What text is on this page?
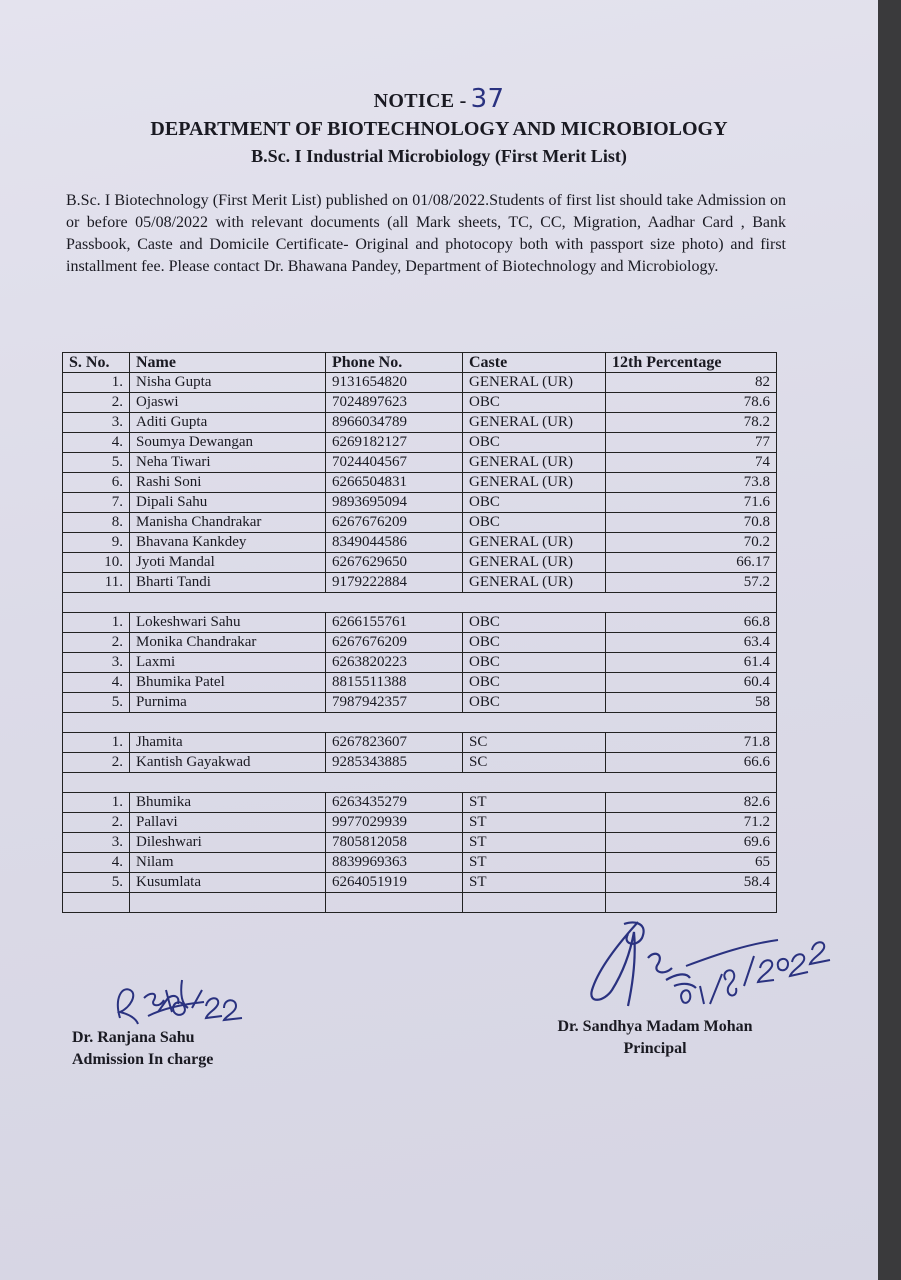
NOTICE - 37
DEPARTMENT OF BIOTECHNOLOGY AND MICROBIOLOGY
B.Sc. I Industrial Microbiology (First Merit List)
B.Sc. I Biotechnology (First Merit List) published on 01/08/2022.Students of first list should take Admission on or before 05/08/2022 with relevant documents (all Mark sheets, TC, CC, Migration, Aadhar Card , Bank Passbook, Caste and Domicile Certificate- Original and photocopy both with passport size photo) and first installment fee. Please contact Dr. Bhawana Pandey, Department of Biotechnology and Microbiology.
S. No.	Name	Phone No.	Caste	12th Percentage
1.	Nisha Gupta	9131654820	GENERAL (UR)	82
2.	Ojaswi	7024897623	OBC	78.6
3.	Aditi Gupta	8966034789	GENERAL (UR)	78.2
4.	Soumya Dewangan	6269182127	OBC	77
5.	Neha Tiwari	7024404567	GENERAL (UR)	74
6.	Rashi Soni	6266504831	GENERAL (UR)	73.8
7.	Dipali Sahu	9893695094	OBC	71.6
8.	Manisha Chandrakar	6267676209	OBC	70.8
9.	Bhavana Kankdey	8349044586	GENERAL (UR)	70.2
10.	Jyoti Mandal	6267629650	GENERAL (UR)	66.17
11.	Bharti Tandi	9179222884	GENERAL (UR)	57.2

1.	Lokeshwari Sahu	6266155761	OBC	66.8
2.	Monika Chandrakar	6267676209	OBC	63.4
3.	Laxmi	6263820223	OBC	61.4
4.	Bhumika Patel	8815511388	OBC	60.4
5.	Purnima	7987942357	OBC	58

1.	Jhamita	6267823607	SC	71.8
2.	Kantish Gayakwad	9285343885	SC	66.6

1.	Bhumika	6263435279	ST	82.6
2.	Pallavi	9977029939	ST	71.2
3.	Dileshwari	7805812058	ST	69.6
4.	Nilam	8839969363	ST	65
5.	Kusumlata	6264051919	ST	58.4

Dr. Ranjana Sahu
Admission In charge
Dr. Sandhya Madam Mohan
Principal
